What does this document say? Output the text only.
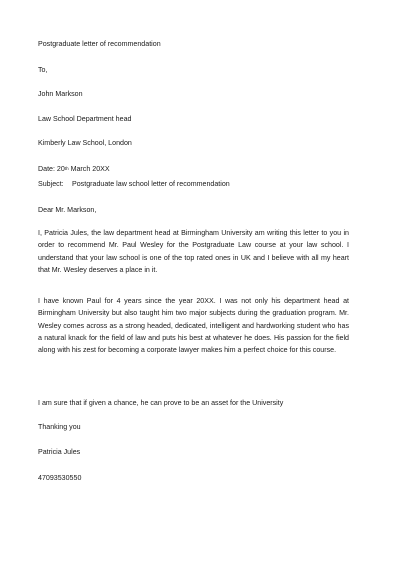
Postgraduate letter of recommendation
To,
John Markson
Law School Department head
Kimberly Law School, London
Date: 20th March 20XX
Subject: Postgraduate law school letter of recommendation
Dear Mr. Markson,
I, Patricia Jules, the law department head at Birmingham University am writing this letter to you in order to recommend Mr. Paul Wesley for the Postgraduate Law course at your law school. I understand that your law school is one of the top rated ones in UK and I believe with all my heart that Mr. Wesley deserves a place in it.
I have known Paul for 4 years since the year 20XX. I was not only his department head at Birmingham University but also taught him two major subjects during the graduation program. Mr. Wesley comes across as a strong headed, dedicated, intelligent and hardworking student who has a natural knack for the field of law and puts his best at whatever he does. His passion for the field along with his zest for becoming a corporate lawyer makes him a perfect choice for this course.
I am sure that if given a chance, he can prove to be an asset for the University
Thanking you
Patricia Jules
47093530550
